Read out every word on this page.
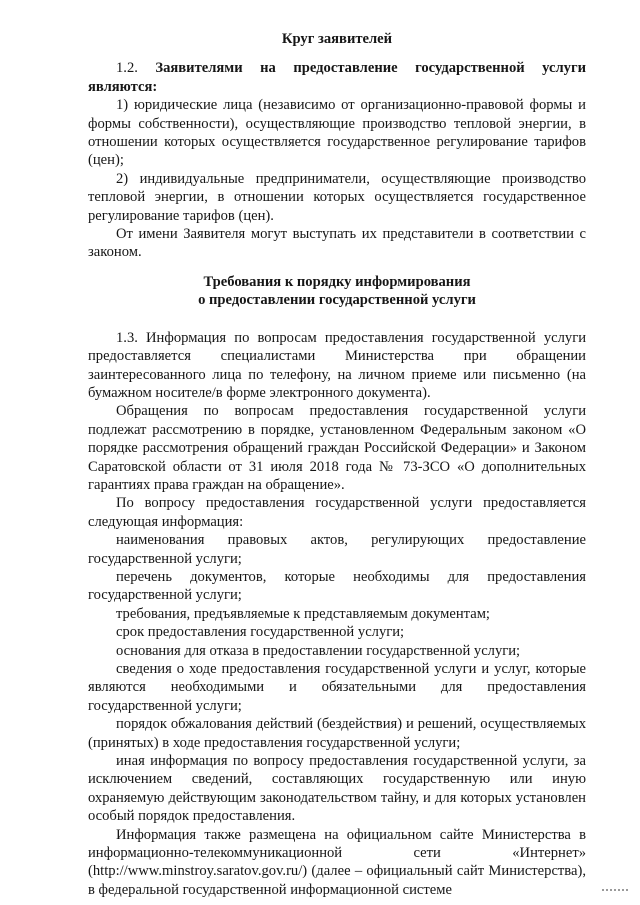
Круг заявителей

1.2. Заявителями на предоставление государственной услуги являются:

1) юридические лица (независимо от организационно-правовой формы и формы собственности), осуществляющие производство тепловой энергии, в отношении которых осуществляется государственное регулирование тарифов (цен);

2) индивидуальные предприниматели, осуществляющие производство тепловой энергии, в отношении которых осуществляется государственное регулирование тарифов (цен).

От имени Заявителя могут выступать их представители в соответствии с законом.

Требования к порядку информирования
о предоставлении государственной услуги

1.3. Информация по вопросам предоставления государственной услуги предоставляется специалистами Министерства при обращении заинтересованного лица по телефону, на личном приеме или письменно (на бумажном носителе/в форме электронного документа).

Обращения по вопросам предоставления государственной услуги подлежат рассмотрению в порядке, установленном Федеральным законом «О порядке рассмотрения обращений граждан Российской Федерации» и Законом Саратовской области от 31 июля 2018 года № 73-ЗСО «О дополнительных гарантиях права граждан на обращение».

По вопросу предоставления государственной услуги предоставляется следующая информация:

наименования правовых актов, регулирующих предоставление государственной услуги;

перечень документов, которые необходимы для предоставления государственной услуги;

требования, предъявляемые к представляемым документам;

срок предоставления государственной услуги;

основания для отказа в предоставлении государственной услуги;

сведения о ходе предоставления государственной услуги и услуг, которые являются необходимыми и обязательными для предоставления государственной услуги;

порядок обжалования действий (бездействия) и решений, осуществляемых (принятых) в ходе предоставления государственной услуги;

иная информация по вопросу предоставления государственной услуги, за исключением сведений, составляющих государственную или иную охраняемую действующим законодательством тайну, и для которых установлен особый порядок предоставления.

Информация также размещена на официальном сайте Министерства в информационно-телекоммуникационной сети «Интернет» (http://www.minstroy.saratov.gov.ru/) (далее – официальный сайт Министерства), в федеральной государственной информационной системе
